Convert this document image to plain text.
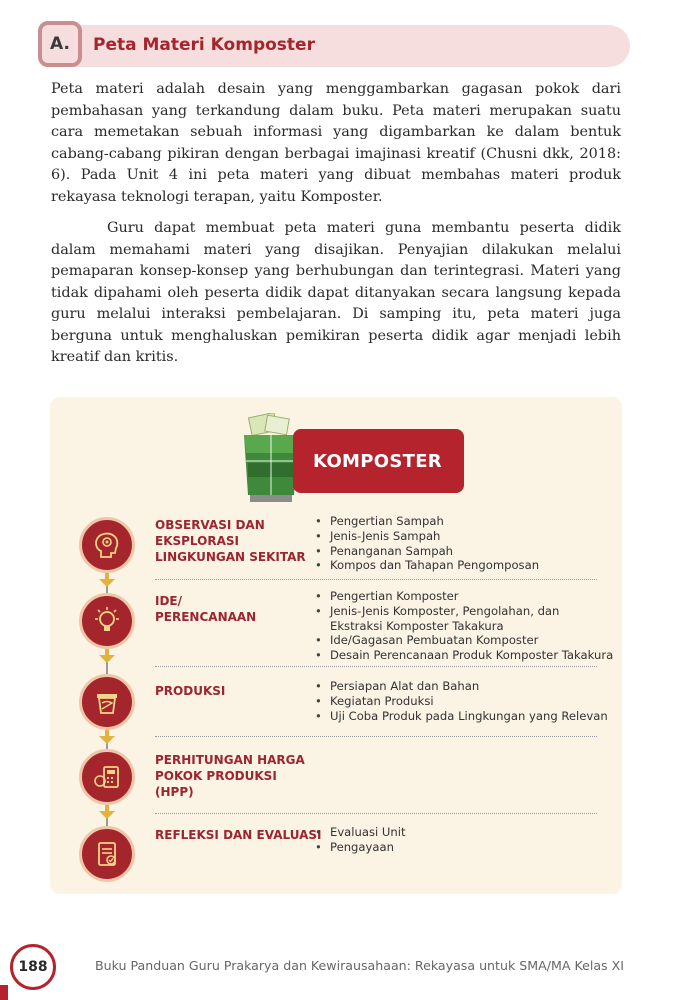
A.	Peta Materi Komposter

Peta materi adalah desain yang menggambarkan gagasan pokok dari pembahasan yang terkandung dalam buku. Peta materi merupakan suatu cara memetakan sebuah informasi yang digambarkan ke dalam bentuk cabang-cabang pikiran dengan berbagai imajinasi kreatif (Chusni dkk, 2018: 6). Pada Unit 4 ini peta materi yang dibuat membahas materi produk rekayasa teknologi terapan, yaitu Komposter.

Guru dapat membuat peta materi guna membantu peserta didik dalam memahami materi yang disajikan. Penyajian dilakukan melalui pemaparan konsep-konsep yang berhubungan dan terintegrasi. Materi yang tidak dipahami oleh peserta didik dapat ditanyakan secara langsung kepada guru melalui interaksi pembelajaran. Di samping itu, peta materi juga berguna untuk menghaluskan pemikiran peserta didik agar menjadi lebih kreatif dan kritis.

KOMPOSTER

OBSERVASI DAN EKSPLORASI LINGKUNGAN SEKITAR

• Pengertian Sampah
• Jenis-Jenis Sampah
• Penanganan Sampah
• Kompos dan Tahapan Pengomposan

IDE/ PERENCANAAN

• Pengertian Komposter
• Jenis-Jenis Komposter, Pengolahan, dan Ekstraksi Komposter Takakura
• Ide/Gagasan Pembuatan Komposter
• Desain Perencanaan Produk Komposter Takakura

PRODUKSI	• Persiapan Alat dan Bahan
• Kegiatan Produksi
• Uji Coba Produk pada Lingkungan yang Relevan

PERHITUNGAN HARGA POKOK PRODUKSI (HPP)

REFLEKSI DAN EVALUASI • Evaluasi Unit
• Pengayaan
188	Buku Panduan Guru Prakarya dan Kewirausahaan: Rekayasa untuk SMA/MA Kelas XI
